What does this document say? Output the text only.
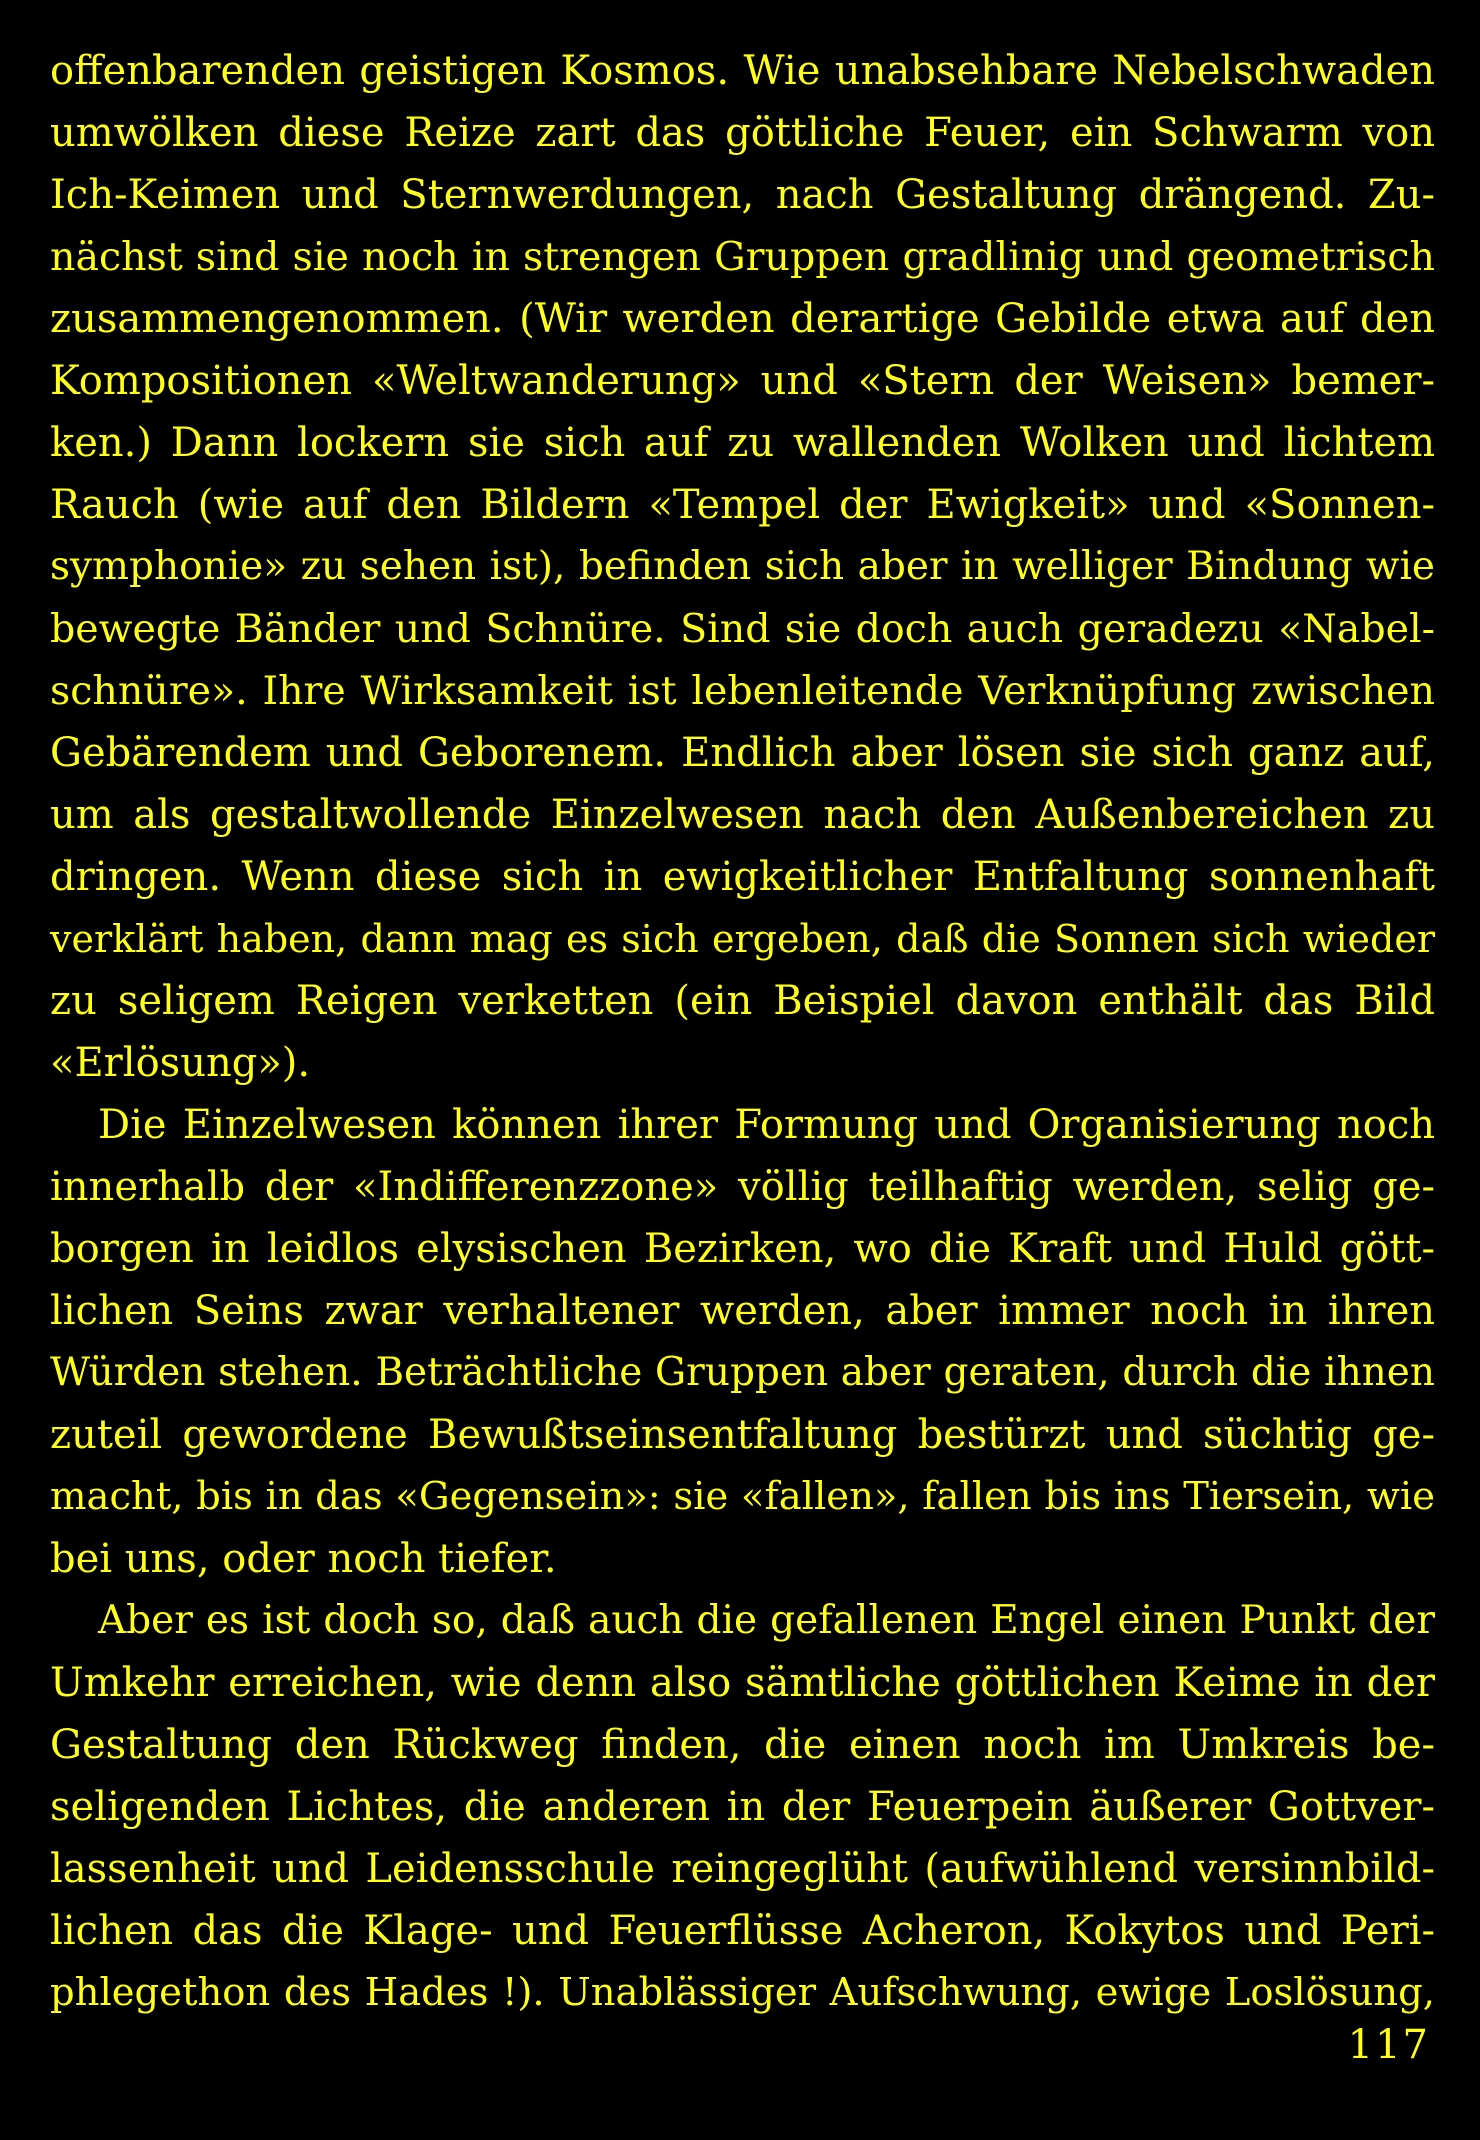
offenbarenden geistigen Kosmos. Wie unabsehbare Nebelschwaden
umwölken diese Reize zart das göttliche Feuer, ein Schwarm von
Ich-Keimen und Sternwerdungen, nach Gestaltung drängend. Zu-
nächst sind sie noch in strengen Gruppen gradlinig und geometrisch
zusammengenommen. (Wir werden derartige Gebilde etwa auf den
Kompositionen «Weltwanderung» und «Stern der Weisen» bemer-
ken.) Dann lockern sie sich auf zu wallenden Wolken und lichtem
Rauch (wie auf den Bildern «Tempel der Ewigkeit» und «Sonnen-
symphonie» zu sehen ist), befinden sich aber in welliger Bindung wie
bewegte Bänder und Schnüre. Sind sie doch auch geradezu «Nabel-
schnüre». Ihre Wirksamkeit ist lebenleitende Verknüpfung zwischen
Gebärendem und Geborenem. Endlich aber lösen sie sich ganz auf,
um als gestaltwollende Einzelwesen nach den Außenbereichen zu
dringen. Wenn diese sich in ewigkeitlicher Entfaltung sonnenhaft
verklärt haben, dann mag es sich ergeben, daß die Sonnen sich wieder
zu seligem Reigen verketten (ein Beispiel davon enthält das Bild
«Erlösung»).
Die Einzelwesen können ihrer Formung und Organisierung noch
innerhalb der «Indifferenzzone» völlig teilhaftig werden, selig ge-
borgen in leidlos elysischen Bezirken, wo die Kraft und Huld gött-
lichen Seins zwar verhaltener werden, aber immer noch in ihren
Würden stehen. Beträchtliche Gruppen aber geraten, durch die ihnen
zuteil gewordene Bewußtseinsentfaltung bestürzt und süchtig ge-
macht, bis in das «Gegensein»: sie «fallen», fallen bis ins Tiersein, wie
bei uns, oder noch tiefer.
Aber es ist doch so, daß auch die gefallenen Engel einen Punkt der
Umkehr erreichen, wie denn also sämtliche göttlichen Keime in der
Gestaltung den Rückweg finden, die einen noch im Umkreis be-
seligenden Lichtes, die anderen in der Feuerpein äußerer Gottver-
lassenheit und Leidensschule reingeglüht (aufwühlend versinnbild-
lichen das die Klage- und Feuerflüsse Acheron, Kokytos und Peri-
phlegethon des Hades !). Unablässiger Aufschwung, ewige Loslösung,
117
